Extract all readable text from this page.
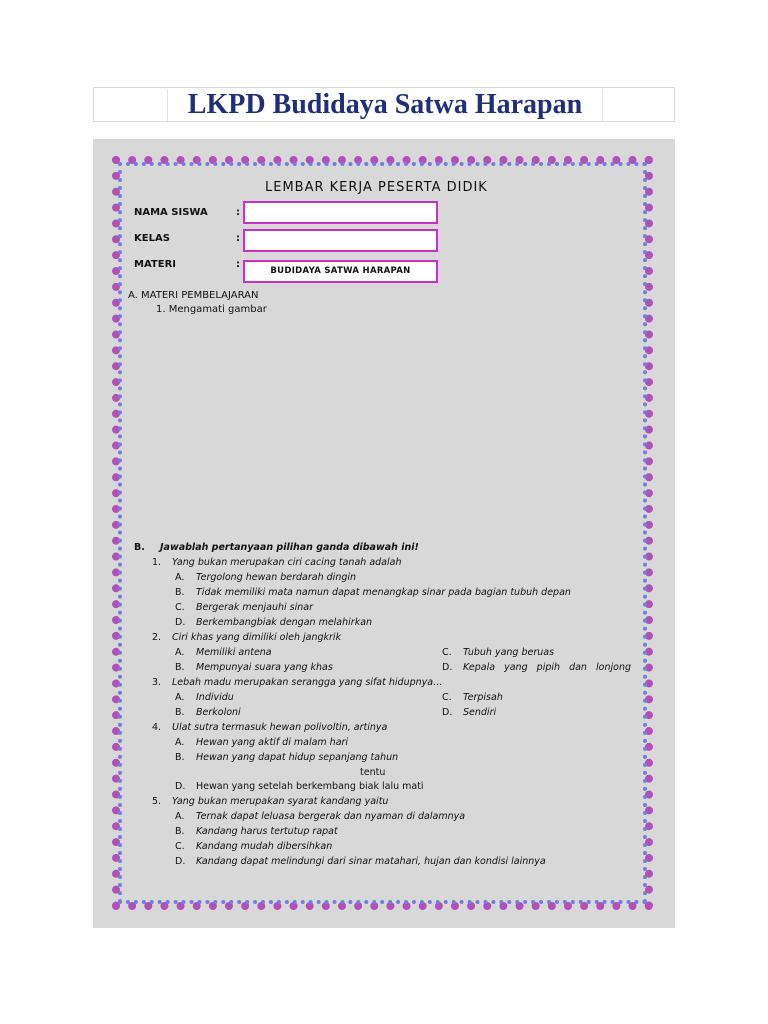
LKPD Budidaya Satwa Harapan
LEMBAR KERJA PESERTA DIDIK
NAMA SISWA	:
KELAS	:
MATERI	:
BUDIDAYA SATWA HARAPAN
A. MATERI PEMBELAJARAN
1. Mengamati gambar
B. Jawablah pertanyaan pilihan ganda dibawah ini!
1. Yang bukan merupakan ciri cacing tanah adalah
A. Tergolong hewan berdarah dingin
B. Tidak memiliki mata namun dapat menangkap sinar pada bagian tubuh depan
C. Bergerak menjauhi sinar
D. Berkembangbiak dengan melahirkan
2. Ciri khas yang dimiliki oleh jangkrik
A. Memiliki antena	C. Tubuh yang beruas
B. Mempunyai suara yang khas	D. Kepala   yang   pipih   dan   lonjong
3. Lebah madu merupakan serangga yang sifat hidupnya…
A. Individu	C. Terpisah
B. Berkoloni	D. Sendiri
4. Ulat sutra termasuk hewan polivoltin, artinya
A. Hewan yang aktif di malam hari
B. Hewan yang dapat hidup sepanjang tahun
tentu
D. Hewan yang setelah berkembang biak lalu mati
5. Yang bukan merupakan syarat kandang yaitu
A. Ternak dapat leluasa bergerak dan nyaman di dalamnya
B. Kandang harus tertutup rapat
C. Kandang mudah dibersihkan
D. Kandang dapat melindungi dari sinar matahari, hujan dan kondisi lainnya
